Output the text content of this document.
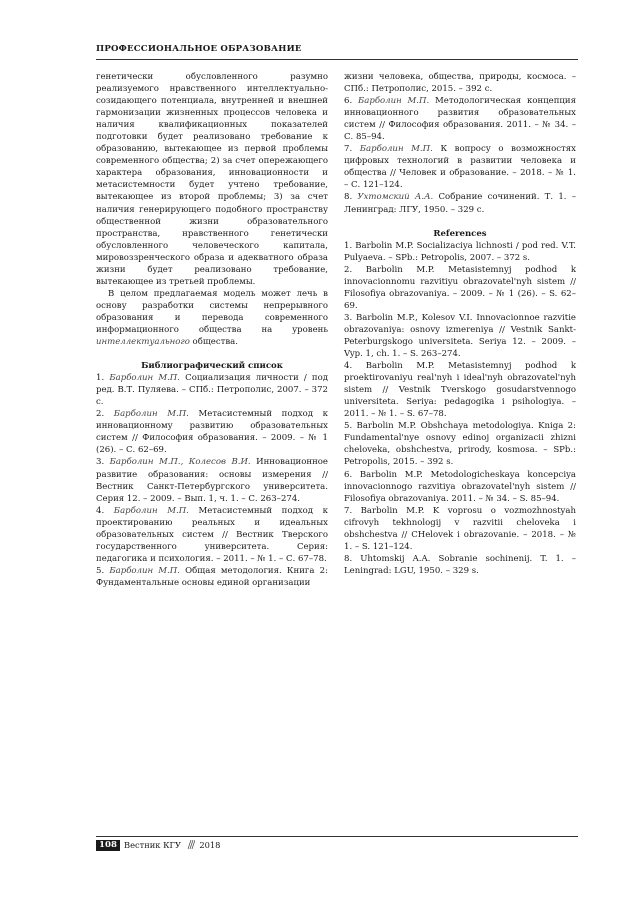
ПРОФЕССИОНАЛЬНОЕ ОБРАЗОВАНИЕ

генетически обусловленного разумно реализуемого нравственного интеллектуально-созидающего потенциала, внутренней и внешней гармонизации жизненных процессов человека и наличия квалификационных показателей подготовки будет реализовано требование к образованию, вытекающее из первой проблемы современного общества; 2) за счет опережающего характера образования, инновационности и метасистемности будет учтено требование, вытекающее из второй проблемы; 3) за счет наличия генерирующего подобного пространству общественной жизни образовательного пространства, нравственного генетически обусловленного человеческого капитала, мировоззренческого образа и адекватного образа жизни будет реализовано требование, вытекающее из третьей проблемы.

В целом предлагаемая модель может лечь в основу разработки системы непрерывного образования и перевода современного информационного общества на уровень интеллектуального общества.

Библиографический список

1. Барболин М.П. Социализация личности / под ред. В.Т. Пуляева. – СПб.: Петрополис, 2007. – 372 с.

2. Барболин М.П. Метасистемный подход к инновационному развитию образовательных систем // Философия образования. – 2009. – № 1 (26). – С. 62–69.

3. Барболин М.П., Колесов В.И. Инновационное развитие образования: основы измерения // Вестник Санкт-Петербургского университета. Серия 12. – 2009. – Вып. 1, ч. 1. – С. 263–274.

4. Барболин М.П. Метасистемный подход к проектированию реальных и идеальных образовательных систем // Вестник Тверского государственного университета. Серия: педагогика и психология. – 2011. – № 1. – С. 67–78.

5. Барболин М.П. Общая методология. Книга 2: Фундаментальные основы единой организации

жизни человека, общества, природы, космоса. – СПб.: Петрополис, 2015. – 392 с.

6. Барболин М.П. Методологическая концепция инновационного развития образовательных систем // Философия образования. 2011. – № 34. – С. 85–94.

7. Барболин М.П. К вопросу о возможностях цифровых технологий в развитии человека и общества // Человек и образование. – 2018. – № 1. – С. 121–124.

8. Ухтомский А.А. Собрание сочинений. Т. 1. – Ленинград: ЛГУ, 1950. – 329 с.

References

1. Barbolin M.P. Socializaciya lichnosti / pod red. V.T. Pulyaeva. – SPb.: Petropolis, 2007. – 372 s.

2. Barbolin M.P. Metasistemnyj podhod k innovacionnomu razvitiyu obrazovatel'nyh sistem // Filosofiya obrazovaniya. – 2009. – № 1 (26). – S. 62–69.

3. Barbolin M.P., Kolesov V.I. Innovacionnoe razvitie obrazovaniya: osnovy izmereniya // Vestnik Sankt-Peterburgskogo universiteta. Seriya 12. – 2009. – Vyp. 1, ch. 1. – S. 263–274.

4. Barbolin M.P. Metasistemnyj podhod k proektirovaniyu real'nyh i ideal'nyh obrazovatel'nyh sistem // Vestnik Tverskogo gosudarstvennogo universiteta. Seriya: pedagogika i psihologiya. – 2011. – № 1. – S. 67–78.

5. Barbolin M.P. Obshchaya metodologiya. Kniga 2: Fundamental'nye osnovy edinoj organizacii zhizni cheloveka, obshchestva, prirody, kosmosa. – SPb.: Petropolis, 2015. – 392 s.

6. Barbolin M.P. Metodologicheskaya koncepciya innovacionnogo razvitiya obrazovatel'nyh sistem // Filosofiya obrazovaniya. 2011. – № 34. – S. 85–94.

7. Barbolin M.P. K voprosu o vozmozhnostyah cifrovyh tekhnologij v razvitii cheloveka i obshchestva // CHelovek i obrazovanie. – 2018. – № 1. – S. 121–124.

8. Uhtomskij A.A. Sobranie sochinenij. T. 1. – Leningrad: LGU, 1950. – 329 s.

108 Вестник КГУ 2018
